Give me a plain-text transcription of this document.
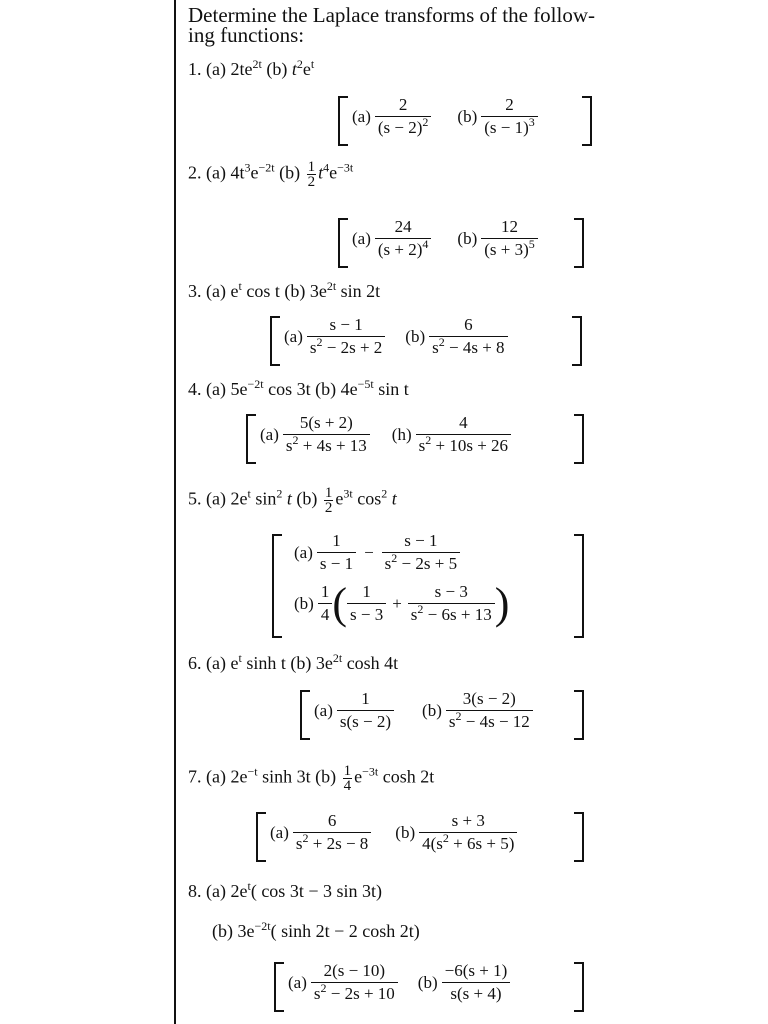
Determine the Laplace transforms of the follow-
ing functions:
1. (a) $2te^{2t}$ (b) $t^2e^t$
$(a) \frac{2}{(s - 2)^2} (b) \frac{2}{(s - 1)^3}$
2. (a) $4t^3e^{-2t}$ $(b) \frac{1}{2} t^4e^{-3t}$
$(a) \frac{24}{(s + 2)^4} (b) \frac{12}{(s + 3)^5}$
3. (a) $e^t$ cos t (b) $3e^{2t}$ sin 2t
$(a) \frac{s - 1}{s^2 - 2s + 2} (b) \frac{6}{s^2 - 4s + 8}$
4. (a) $5e^{-2t}$ cos 3t (b) $4e^{-5t}$ sin t
$(a) \frac{5(s + 2)}{s^2 + 4s + 13} (h) \frac{4}{s^2 + 10s + 26}$
5. (a) $2e^t$ $\sin^2 t$ $(b) \frac{1}{2} e^{3t}$ $\cos^2 t$
$(a) \frac{1}{s - 1} - \frac{s - 1}{s^2 - 2s + 5}$
$(b) \frac{1}{4}$ ( $\frac{1}{s - 3} + \frac{s - 3}{s^2 - 6s + 13}$ )
6. (a) $e^t$ sinh t (b) $3e^{2t}$ cosh 4t
$(a) \frac{1}{s(s - 2)} (b) \frac{3(s - 2)}{s^2 - 4s - 12}$
7. (a) $2e^{-t}$ sinh 3t $(b) \frac{1}{4} e^{-3t}$ cosh 2t
$(a) \frac{6}{s^2 + 2s - 8} (b) \frac{s + 3}{4(s^2 + 6s + 5)}$
8. (a) $2e^t$( cos 3t − 3 sin 3t)
(b) $3e^{-2t}$( sinh 2t − 2 cosh 2t)
$(a) \frac{2(s - 10)}{s^2 - 2s + 10} (b) \frac{-6(s + 1)}{s(s + 4)}$
